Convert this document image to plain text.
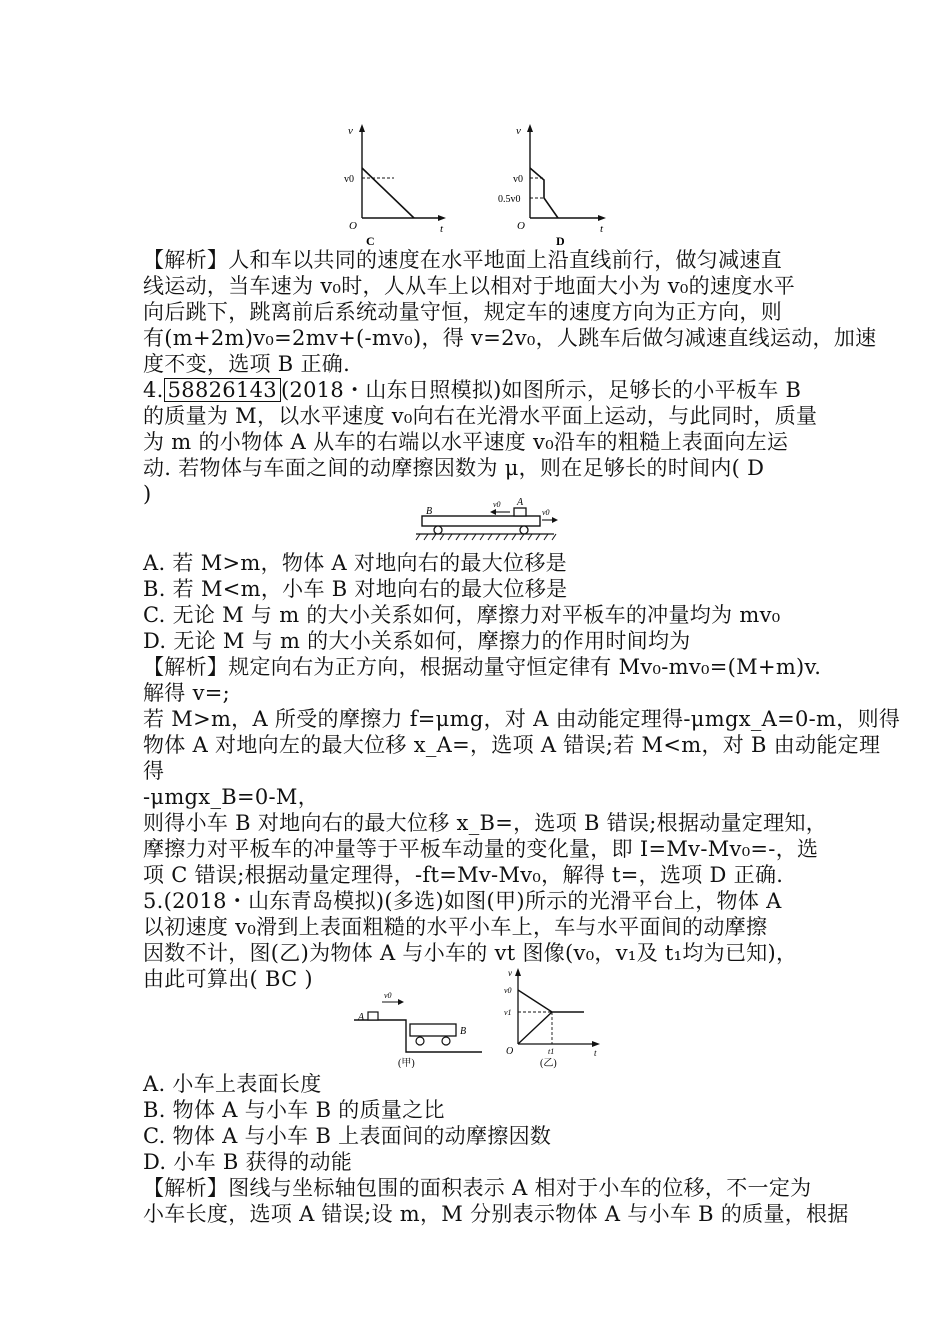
v
t
O
v0
C
v
t
O
v0
0.5v0
D
【解析】人和车以共同的速度在水平地面上沿直线前行，做匀减速直
线运动，当车速为 v₀时，人从车上以相对于地面大小为 v₀的速度水平
向后跳下，跳离前后系统动量守恒，规定车的速度方向为正方向，则
有(m+2m)v₀=2mv+(-mv₀)，得 v=2v₀，人跳车后做匀减速直线运动，加速
度不变，选项 B 正确.
4. 58826143 (2018・山东日照模拟)如图所示，足够长的小平板车 B
的质量为 M，以水平速度 v₀向右在光滑水平面上运动，与此同时，质量
为 m 的小物体 A 从车的右端以水平速度 v₀沿车的粗糙上表面向左运
动. 若物体与车面之间的动摩擦因数为 μ，则在足够长的时间内( D
)
B
A
v0
v0
A. 若 M>m，物体 A 对地向右的最大位移是
B. 若 M<m，小车 B 对地向右的最大位移是
C. 无论 M 与 m 的大小关系如何，摩擦力对平板车的冲量均为 mv₀
D. 无论 M 与 m 的大小关系如何，摩擦力的作用时间均为
【解析】规定向右为正方向，根据动量守恒定律有 Mv₀-mv₀=(M+m)v.
解得 v=;
若 M>m，A 所受的摩擦力 f=μmg，对 A 由动能定理得-μmgx_A=0-m，则得
物体 A 对地向左的最大位移 x_A=，选项 A 错误;若 M<m，对 B 由动能定理
得
-μmgx_B=0-M，
则得小车 B 对地向右的最大位移 x_B=，选项 B 错误;根据动量定理知，
摩擦力对平板车的冲量等于平板车动量的变化量，即 I=Mv-Mv₀=-，选
项 C 错误;根据动量定理得，-ft=Mv-Mv₀，解得 t=，选项 D 正确.
5.(2018・山东青岛模拟)(多选)如图(甲)所示的光滑平台上，物体 A
以初速度 v₀滑到上表面粗糙的水平小车上，车与水平面间的动摩擦
因数不计，图(乙)为物体 A 与小车的 vt 图像(v₀，v₁及 t₁均为已知)，
由此可算出( BC )
A
B
v0
(甲)
v
t
O
v0
v1
t1
(乙)
A. 小车上表面长度
B. 物体 A 与小车 B 的质量之比
C. 物体 A 与小车 B 上表面间的动摩擦因数
D. 小车 B 获得的动能
【解析】图线与坐标轴包围的面积表示 A 相对于小车的位移，不一定为
小车长度，选项 A 错误;设 m，M 分别表示物体 A 与小车 B 的质量，根据
